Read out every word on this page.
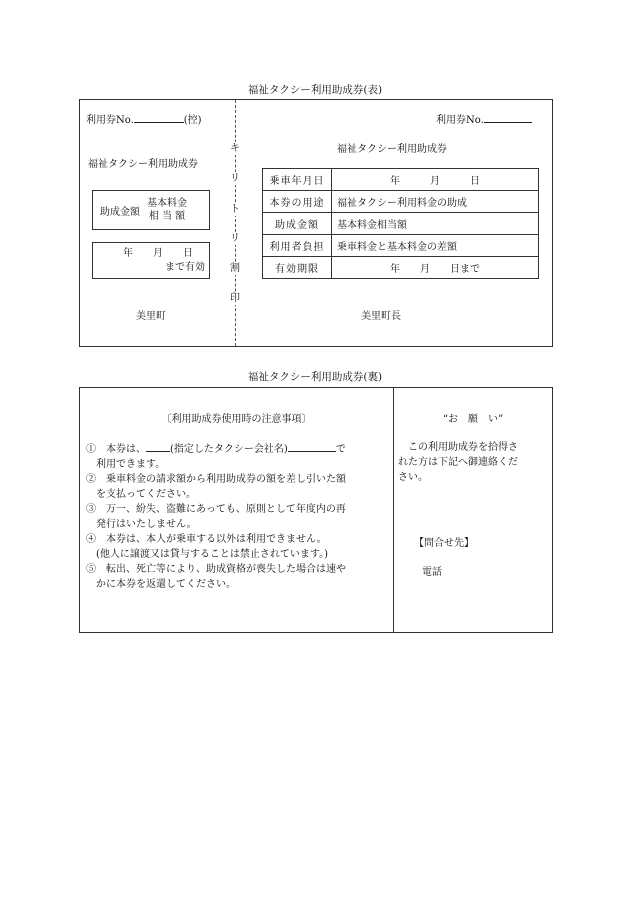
福祉タクシー利用助成券(表)
利用券No.	(控)
福祉タクシー利用助成券
助成金額
基本料金
相 当 額
年　　月　　日
まで有効
美里町
キ
リ
ト
リ
割
印
利用券No.
福祉タクシー利用助成券
乗車年月日	年　　　月　　　日
本券の用途	福祉タクシー利用料金の助成
助成金額	基本料金相当額
利用者負担	乗車料金と基本料金の差額
有効期限	年　　月　　日まで
美里町長
福祉タクシー利用助成券(裏)
〔利用助成券使用時の注意事項〕
①　本券は、 (指定したタクシー会社名)	で
利用できます。
②　乗車料金の請求額から利用助成券の額を差し引いた額
を支払ってください。
③　万一、紛失、盗難にあっても、原則として年度内の再
発行はいたしません。
④　本券は、本人が乗車する以外は利用できません。
(他人に譲渡又は貸与することは禁止されています。)
⑤　転出、死亡等により、助成資格が喪失した場合は速や
かに本券を返還してください。
“お　願　い”
この利用助成券を拾得さ
れた方は下記へ御連絡くだ
さい。
【問合せ先】
電話
